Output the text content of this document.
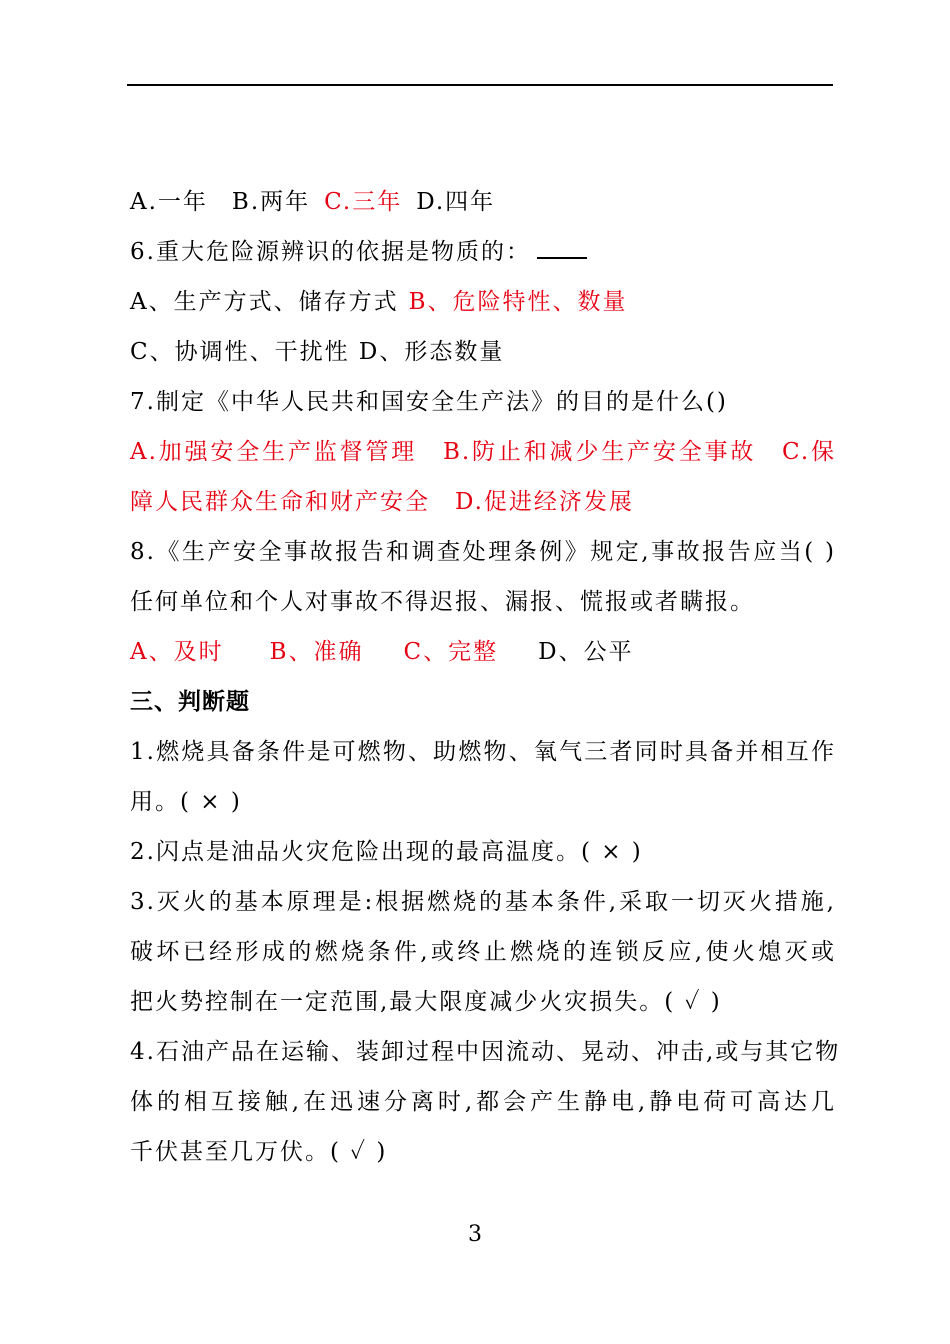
A.一年 B.两年 C.三年 D.四年
6.重大危险源辨识的依据是物质的：
A、生产方式、储存方式 B、危险特性、数量
C、协调性、干扰性 D、形态数量
7.制定《中华人民共和国安全生产法》的目的是什么()
A.加强安全生产监督管理　B.防止和减少生产安全事故　C.保
障人民群众生命和财产安全　D.促进经济发展
8.《生产安全事故报告和调查处理条例》规定,事故报告应当( )
任何单位和个人对事故不得迟报、漏报、慌报或者瞒报。
A、及时 B、准确 C、完整 D、公平
三、判断题
1.燃烧具备条件是可燃物、助燃物、氧气三者同时具备并相互作
用。( × )
2.闪点是油品火灾危险出现的最高温度。( × )
3.灭火的基本原理是:根据燃烧的基本条件,采取一切灭火措施,
破坏已经形成的燃烧条件,或终止燃烧的连锁反应,使火熄灭或
把火势控制在一定范围,最大限度减少火灾损失。( ✓ )
4.石油产品在运输、装卸过程中因流动、晃动、冲击,或与其它物
体的相互接触,在迅速分离时,都会产生静电,静电荷可高达几
千伏甚至几万伏。( ✓ )
3
